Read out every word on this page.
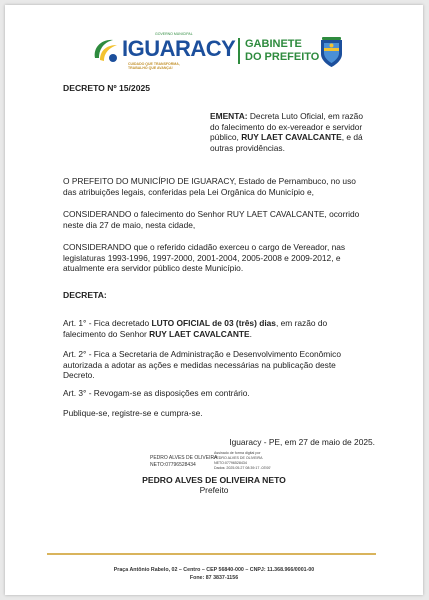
GOVERNO MUNICIPAL
IGUARACY
CUIDADO QUE TRANSFORMA,
TRABALHO QUE AVANÇA!
GABINETE
DO PREFEITO
DECRETO Nº 15/2025
EMENTA: Decreta Luto Oficial, em razão
do falecimento do ex-vereador e servidor
público, RUY LAET CAVALCANTE, e dá
outras providências.
O PREFEITO DO MUNICÍPIO DE IGUARACY, Estado de Pernambuco, no uso
das atribuições legais, conferidas pela Lei Orgânica do Município e,
CONSIDERANDO o falecimento do Senhor RUY LAET CAVALCANTE, ocorrido
neste dia 27 de maio, nesta cidade,
CONSIDERANDO que o referido cidadão exerceu o cargo de Vereador, nas
legislaturas 1993-1996, 1997-2000, 2001-2004, 2005-2008 e 2009-2012, e
atualmente era servidor público deste Município.
DECRETA:
Art. 1° - Fica decretado LUTO OFICIAL de 03 (três) dias, em razão do
falecimento do Senhor RUY LAET CAVALCANTE.
Art. 2° - Fica a Secretaria de Administração e Desenvolvimento Econômico
autorizada a adotar as ações e medidas necessárias na publicação deste
Decreto.
Art. 3° - Revogam-se as disposições em contrário.
Publique-se, registre-se e cumpra-se.
Iguaracy - PE, em 27 de maio de 2025.
PEDRO ALVES DE OLIVEIRA
NETO:07796528434
Assinado de forma digital por
PEDRO ALVES DE OLIVEIRA
NETO:07796528434
Dados: 2025.05.27 08:39:17 -03'00'
PEDRO ALVES DE OLIVEIRA NETO
Prefeito
Praça Antônio Rabelo, 02 – Centro – CEP 56840-000 – CNPJ: 11.368.966/0001-00
Fone: 87 3837-1156
